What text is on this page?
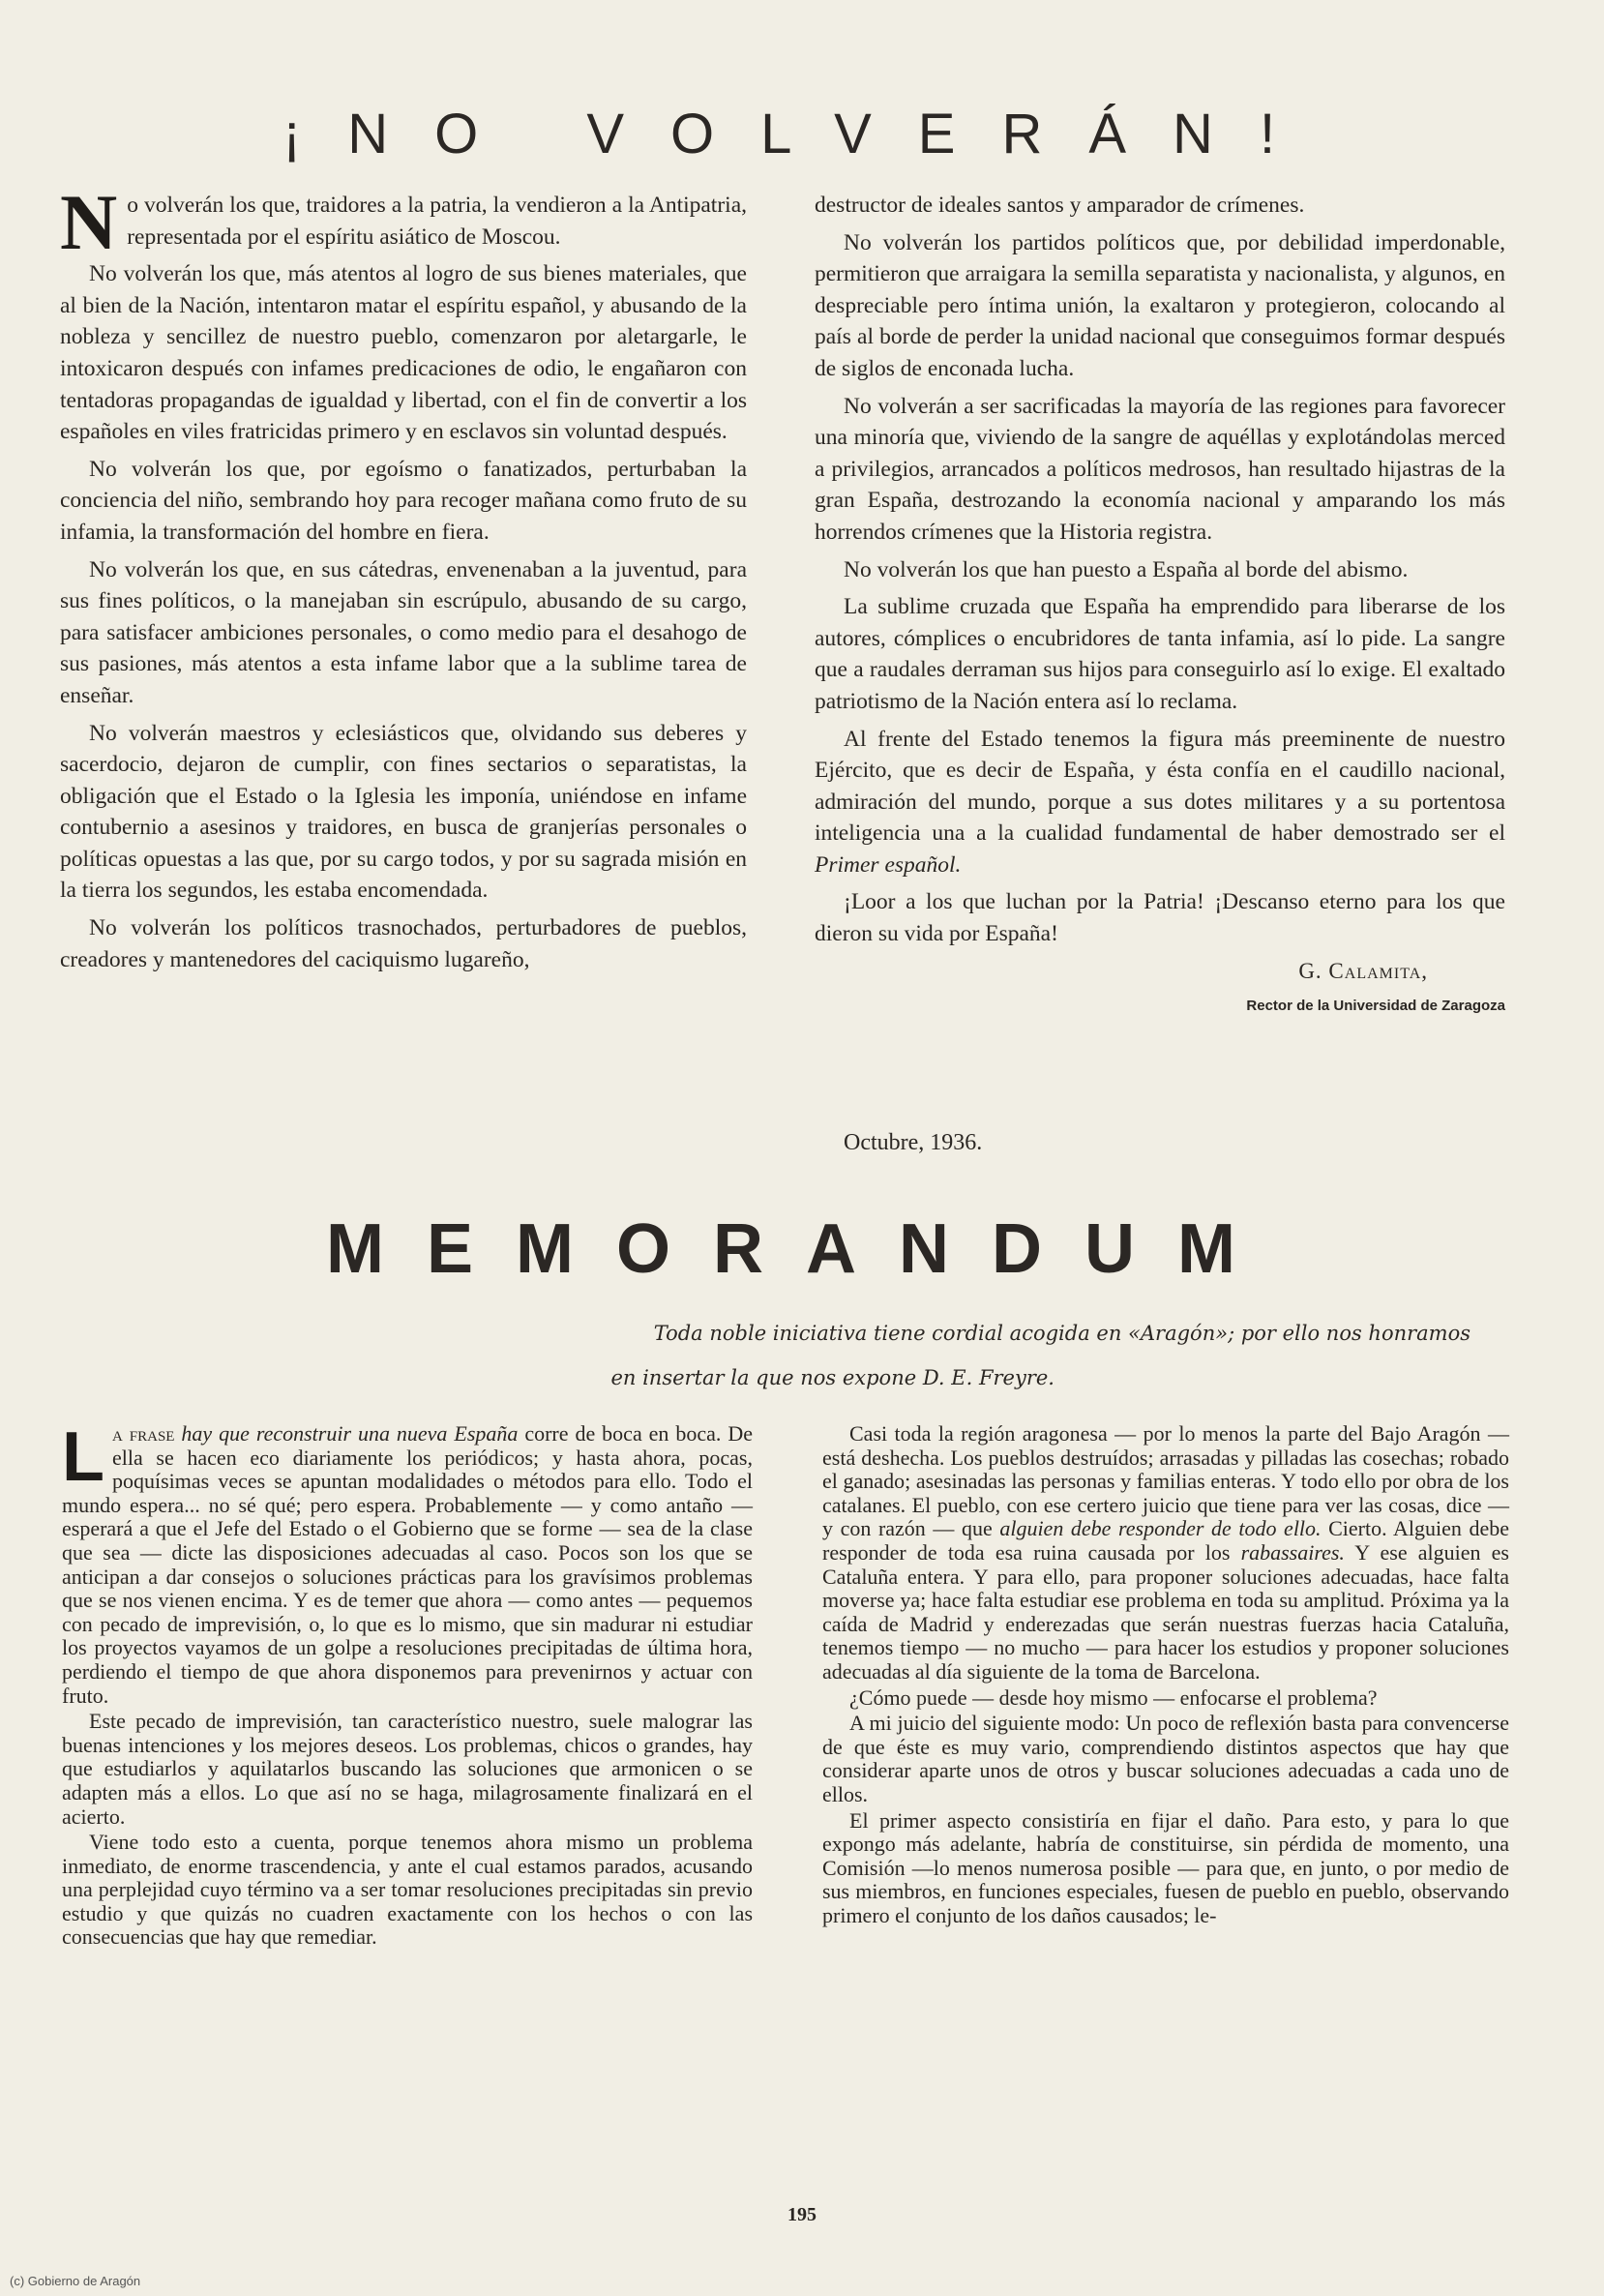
¡NO VOLVERÁN!

No volverán los que, traidores a la patria, la vendieron a la Antipatria, representada por el espíritu asiático de Moscou.

No volverán los que, más atentos al logro de sus bienes materiales, que al bien de la Nación, intentaron matar el espíritu español, y abusando de la nobleza y sencillez de nuestro pueblo, comenzaron por aletargarle, le intoxicaron después con infames predicaciones de odio, le engañaron con tentadoras propagandas de igualdad y libertad, con el fin de convertir a los españoles en viles fratricidas primero y en esclavos sin voluntad después.

No volverán los que, por egoísmo o fanatizados, perturbaban la conciencia del niño, sembrando hoy para recoger mañana como fruto de su infamia, la transformación del hombre en fiera.

No volverán los que, en sus cátedras, envenenaban a la juventud, para sus fines políticos, o la manejaban sin escrúpulo, abusando de su cargo, para satisfacer ambiciones personales, o como medio para el desahogo de sus pasiones, más atentos a esta infame labor que a la sublime tarea de enseñar.

No volverán maestros y eclesiásticos que, olvidando sus deberes y sacerdocio, dejaron de cumplir, con fines sectarios o separatistas, la obligación que el Estado o la Iglesia les imponía, uniéndose en infame contubernio a asesinos y traidores, en busca de granjerías personales o políticas opuestas a las que, por su cargo todos, y por su sagrada misión en la tierra los segundos, les estaba encomendada.

No volverán los políticos trasnochados, perturbadores de pueblos, creadores y mantenedores del caciquismo lugareño,

destructor de ideales santos y amparador de crímenes.

No volverán los partidos políticos que, por debilidad imperdonable, permitieron que arraigara la semilla separatista y nacionalista, y algunos, en despreciable pero íntima unión, la exaltaron y protegieron, colocando al país al borde de perder la unidad nacional que conseguimos formar después de siglos de enconada lucha.

No volverán a ser sacrificadas la mayoría de las regiones para favorecer una minoría que, viviendo de la sangre de aquéllas y explotándolas merced a privilegios, arrancados a políticos medrosos, han resultado hijastras de la gran España, destrozando la economía nacional y amparando los más horrendos crímenes que la Historia registra.

No volverán los que han puesto a España al borde del abismo.

La sublime cruzada que España ha emprendido para liberarse de los autores, cómplices o encubridores de tanta infamia, así lo pide. La sangre que a raudales derraman sus hijos para conseguirlo así lo exige. El exaltado patriotismo de la Nación entera así lo reclama.

Al frente del Estado tenemos la figura más preeminente de nuestro Ejército, que es decir de España, y ésta confía en el caudillo nacional, admiración del mundo, porque a sus dotes militares y a su portentosa inteligencia una a la cualidad fundamental de haber demostrado ser el Primer español.

¡Loor a los que luchan por la Patria! ¡Descanso eterno para los que dieron su vida por España!

G. Calamita,
Rector de la Universidad de Zaragoza
Octubre, 1936.
MEMORANDUM
Toda noble iniciativa tiene cordial acogida en «Aragón»; por ello nos honramos
en insertar la que nos expone D. E. Freyre.

La frase hay que reconstruir una nueva España corre de boca en boca. De ella se hacen eco diariamente los periódicos; y hasta ahora, pocas, poquísimas veces se apuntan modalidades o métodos para ello. Todo el mundo espera... no sé qué; pero espera. Probablemente — y como antaño — esperará a que el Jefe del Estado o el Gobierno que se forme — sea de la clase que sea — dicte las disposiciones adecuadas al caso. Pocos son los que se anticipan a dar consejos o soluciones prácticas para los gravísimos problemas que se nos vienen encima. Y es de temer que ahora — como antes — pequemos con pecado de imprevisión, o, lo que es lo mismo, que sin madurar ni estudiar los proyectos vayamos de un golpe a resoluciones precipitadas de última hora, perdiendo el tiempo de que ahora disponemos para prevenirnos y actuar con fruto.

Este pecado de imprevisión, tan característico nuestro, suele malograr las buenas intenciones y los mejores deseos. Los problemas, chicos o grandes, hay que estudiarlos y aquilatarlos buscando las soluciones que armonicen o se adapten más a ellos. Lo que así no se haga, milagrosamente finalizará en el acierto.

Viene todo esto a cuenta, porque tenemos ahora mismo un problema inmediato, de enorme trascendencia, y ante el cual estamos parados, acusando una perplejidad cuyo término va a ser tomar resoluciones precipitadas sin previo estudio y que quizás no cuadren exactamente con los hechos o con las consecuencias que hay que remediar.

Casi toda la región aragonesa — por lo menos la parte del Bajo Aragón — está deshecha. Los pueblos destruídos; arrasadas y pilladas las cosechas; robado el ganado; asesinadas las personas y familias enteras. Y todo ello por obra de los catalanes. El pueblo, con ese certero juicio que tiene para ver las cosas, dice — y con razón — que alguien debe responder de todo ello. Cierto. Alguien debe responder de toda esa ruina causada por los rabassaires. Y ese alguien es Cataluña entera. Y para ello, para proponer soluciones adecuadas, hace falta moverse ya; hace falta estudiar ese problema en toda su amplitud. Próxima ya la caída de Madrid y enderezadas que serán nuestras fuerzas hacia Cataluña, tenemos tiempo — no mucho — para hacer los estudios y proponer soluciones adecuadas al día siguiente de la toma de Barcelona.

¿Cómo puede — desde hoy mismo — enfocarse el problema?

A mi juicio del siguiente modo: Un poco de reflexión basta para convencerse de que éste es muy vario, comprendiendo distintos aspectos que hay que considerar aparte unos de otros y buscar soluciones adecuadas a cada uno de ellos.

El primer aspecto consistiría en fijar el daño. Para esto, y para lo que expongo más adelante, habría de constituirse, sin pérdida de momento, una Comisión —lo menos numerosa posible — para que, en junto, o por medio de sus miembros, en funciones especiales, fuesen de pueblo en pueblo, observando primero el conjunto de los daños causados; le-

195
(c) Gobierno de Aragón
